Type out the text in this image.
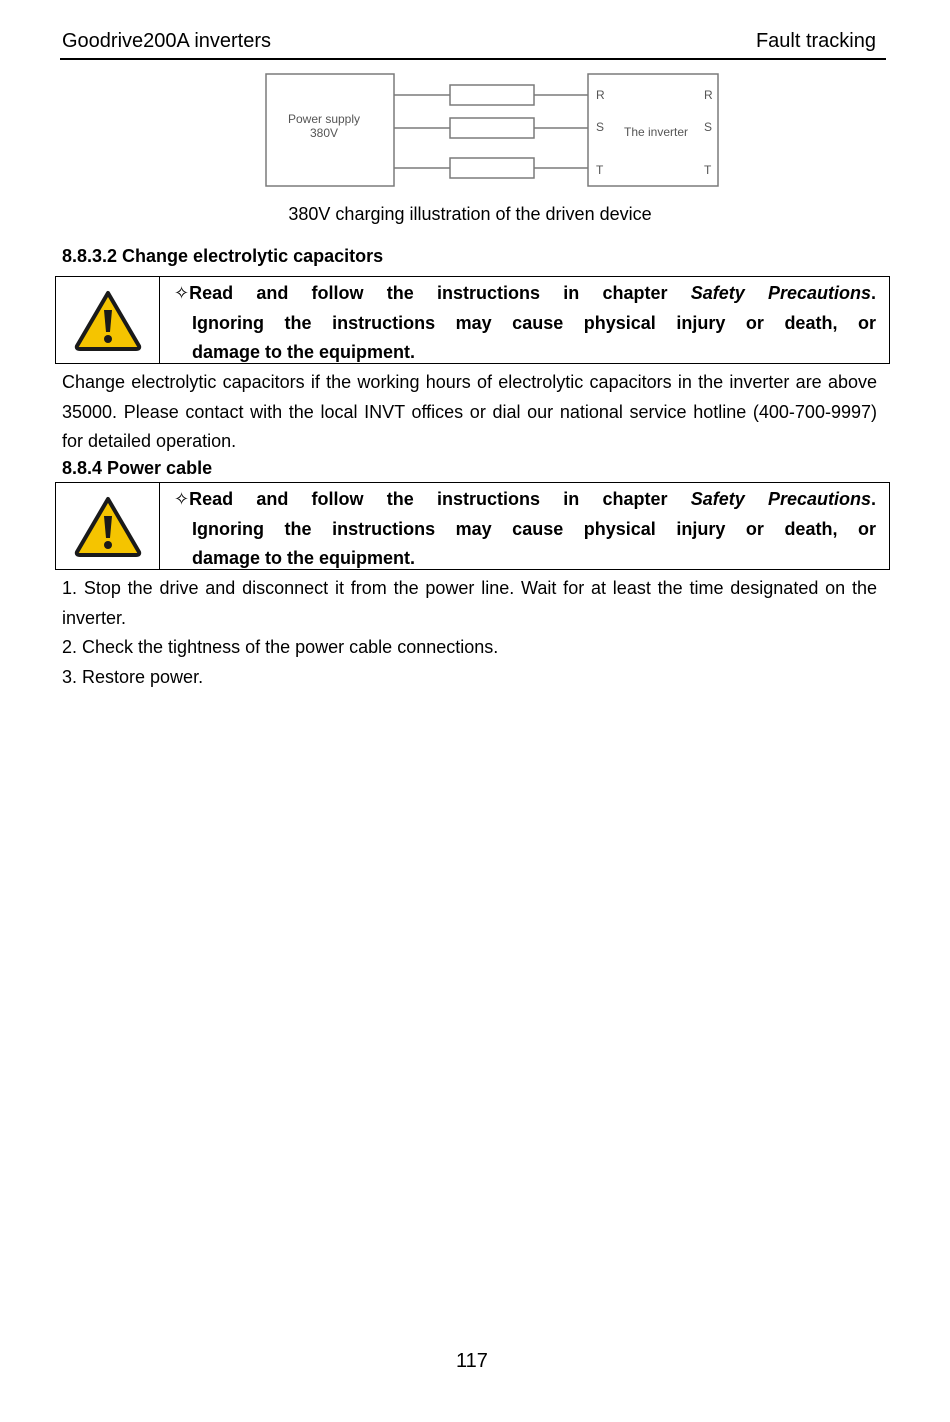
Goodrive200A inverters	Fault tracking
Power supply
380V	The inverter
R
S
T
R
S
T
380V charging illustration of the driven device
8.8.3.2 Change electrolytic capacitors
✧Read and follow the instructions in chapter Safety Precautions.
Ignoring the instructions may cause physical injury or death, or
damage to the equipment.
Change electrolytic capacitors if the working hours of electrolytic capacitors in the inverter are above 35000. Please contact with the local INVT offices or dial our national service hotline (400-700-9997) for detailed operation.
8.8.4 Power cable
✧Read and follow the instructions in chapter Safety Precautions.
Ignoring the instructions may cause physical injury or death, or
damage to the equipment.
1. Stop the drive and disconnect it from the power line. Wait for at least the time designated on the inverter.
2. Check the tightness of the power cable connections.
3. Restore power.
117
